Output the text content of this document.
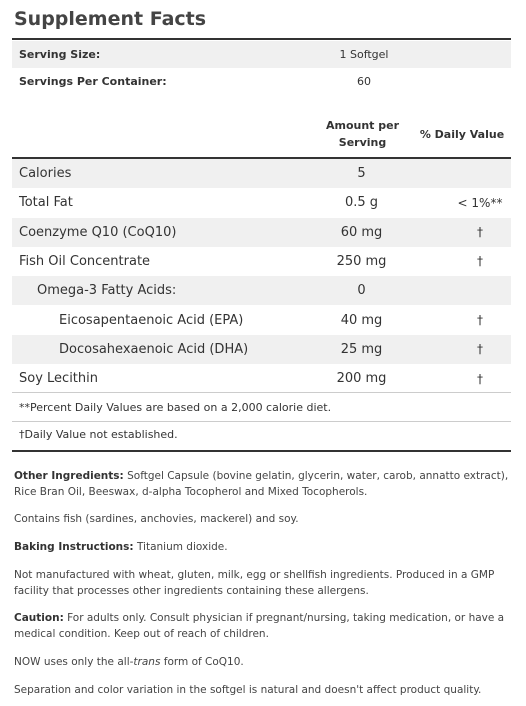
Supplement Facts
Serving Size:	1 Softgel
Servings Per Container:	60
Amount per
Serving
% Daily Value
Calories	5
Total Fat	0.5 g	< 1%**
Coenzyme Q10 (CoQ10)	60 mg	†
Fish Oil Concentrate	250 mg	†
Omega-3 Fatty Acids:	0
Eicosapentaenoic Acid (EPA)	40 mg	†
Docosahexaenoic Acid (DHA)	25 mg	†
Soy Lecithin	200 mg	†
**Percent Daily Values are based on a 2,000 calorie diet.
†Daily Value not established.
Other Ingredients: Softgel Capsule (bovine gelatin, glycerin, water, carob, annatto extract), Rice Bran Oil, Beeswax, d-alpha Tocopherol and Mixed Tocopherols.
Contains fish (sardines, anchovies, mackerel) and soy.
Baking Instructions: Titanium dioxide.
Not manufactured with wheat, gluten, milk, egg or shellfish ingredients. Produced in a GMP facility that processes other ingredients containing these allergens.
Caution: For adults only. Consult physician if pregnant/nursing, taking medication, or have a medical condition. Keep out of reach of children.
NOW uses only the all-trans form of CoQ10.
Separation and color variation in the softgel is natural and doesn't affect product quality.
